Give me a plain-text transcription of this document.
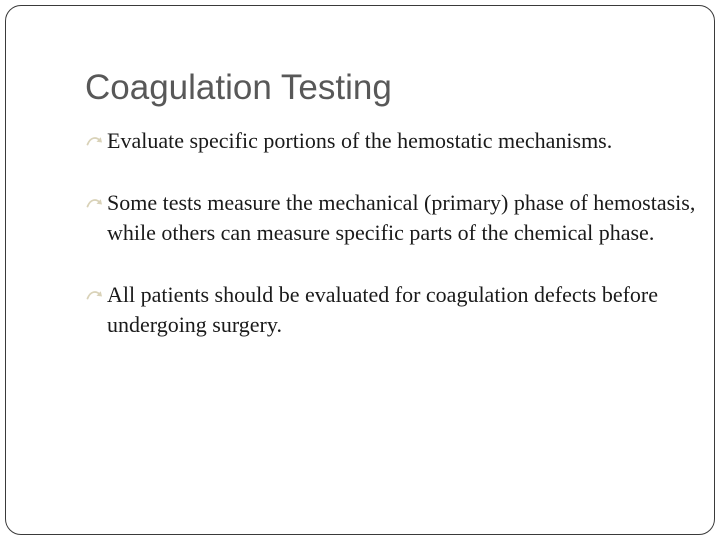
Coagulation Testing
Evaluate specific portions of the hemostatic mechanisms.
Some tests measure the mechanical (primary) phase of hemostasis, while others can measure specific parts of the chemical phase.
All patients should be evaluated for coagulation defects before undergoing surgery.
